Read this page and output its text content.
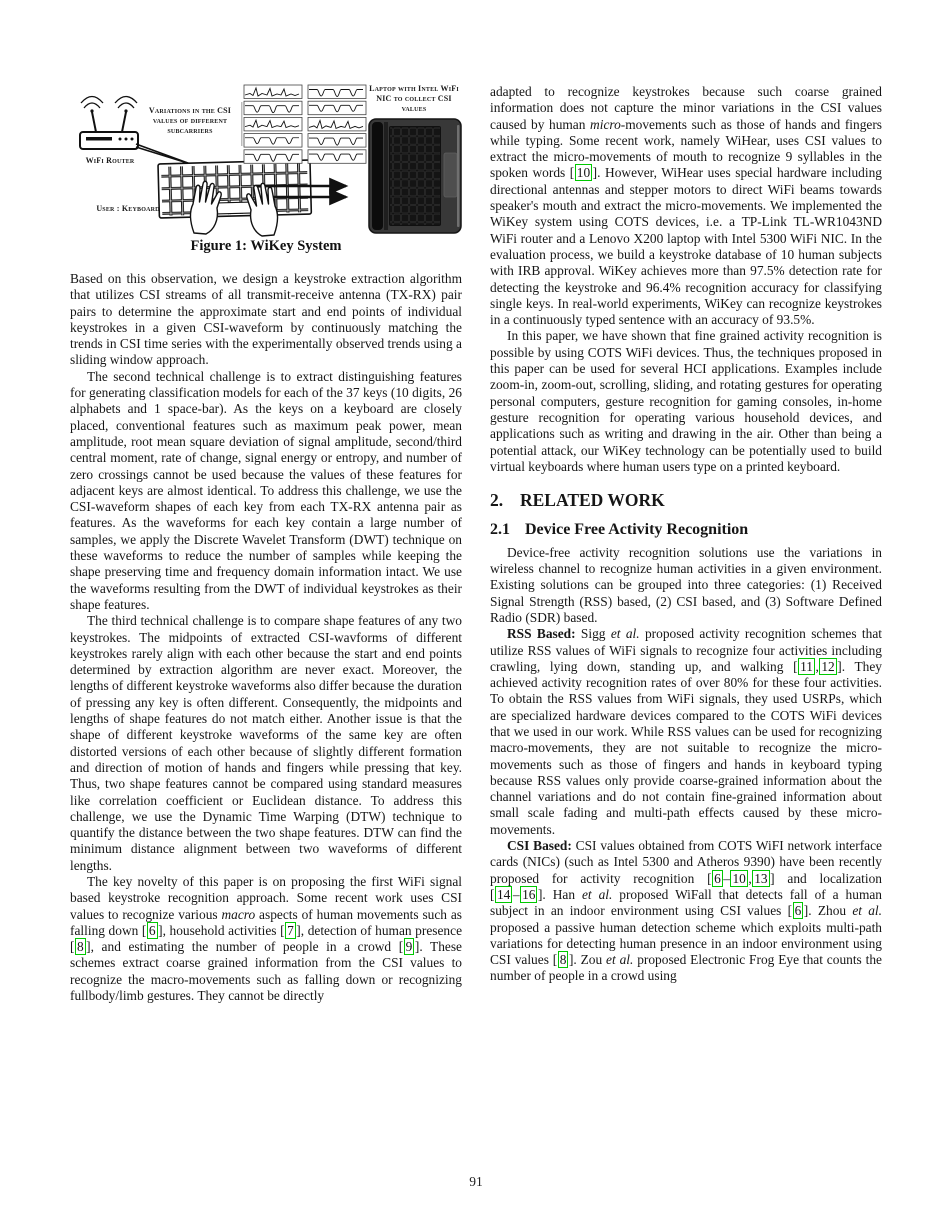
WiFi Router
Variations in the CSI values of different subcarriers
User : Keyboard
Laptop with Intel WiFi NIC to collect CSI values
Figure 1: WiKey System

Based on this observation, we design a keystroke extraction algorithm that utilizes CSI streams of all transmit-receive antenna (TX-RX) pair pairs to determine the approximate start and end points of individual keystrokes in a given CSI-waveform by continuously matching the trends in CSI time series with the experimentally observed trends using a sliding window approach.

The second technical challenge is to extract distinguishing features for generating classification models for each of the 37 keys (10 digits, 26 alphabets and 1 space-bar). As the keys on a keyboard are closely placed, conventional features such as maximum peak power, mean amplitude, root mean square deviation of signal amplitude, second/third central moment, rate of change, signal energy or entropy, and number of zero crossings cannot be used because the values of these features for adjacent keys are almost identical. To address this challenge, we use the CSI-waveform shapes of each key from each TX-RX antenna pair as features. As the waveforms for each key contain a large number of samples, we apply the Discrete Wavelet Transform (DWT) technique on these waveforms to reduce the number of samples while keeping the shape preserving time and frequency domain information intact. We use the waveforms resulting from the DWT of individual keystrokes as their shape features.

The third technical challenge is to compare shape features of any two keystrokes. The midpoints of extracted CSI-wavforms of different keystrokes rarely align with each other because the start and end points determined by extraction algorithm are never exact. Moreover, the lengths of different keystroke waveforms also differ because the duration of pressing any key is often different. Consequently, the midpoints and lengths of shape features do not match either. Another issue is that the shape of different keystroke waveforms of the same key are often distorted versions of each other because of slightly different formation and direction of motion of hands and fingers while pressing that key. Thus, two shape features cannot be compared using standard measures like correlation coefficient or Euclidean distance. To address this challenge, we use the Dynamic Time Warping (DTW) technique to quantify the distance between the two shape features. DTW can find the minimum distance alignment between two waveforms of different lengths.

The key novelty of this paper is on proposing the first WiFi signal based keystroke recognition approach. Some recent work uses CSI values to recognize various macro aspects of human movements such as falling down [ 6 ], household activities [ 7 ], detection of human presence [ 8 ], and estimating the number of people in a crowd [ 9 ]. These schemes extract coarse grained information from the CSI values to recognize the macro-movements such as falling down or recognizing fullbody/limb gestures. They cannot be directly

adapted to recognize keystrokes because such coarse grained information does not capture the minor variations in the CSI values caused by human micro-movements such as those of hands and fingers while typing. Some recent work, namely WiHear, uses CSI values to extract the micro-movements of mouth to recognize 9 syllables in the spoken words [ 10 ]. However, WiHear uses special hardware including directional antennas and stepper motors to direct WiFi beams towards speaker's mouth and extract the micro-movements. We implemented the WiKey system using COTS devices, i.e. a TP-Link TL-WR1043ND WiFi router and a Lenovo X200 laptop with Intel 5300 WiFi NIC. In the evaluation process, we build a keystroke database of 10 human subjects with IRB approval. WiKey achieves more than 97.5% detection rate for detecting the keystroke and 96.4% recognition accuracy for classifying single keys. In real-world experiments, WiKey can recognize keystrokes in a continuously typed sentence with an accuracy of 93.5%.

In this paper, we have shown that fine grained activity recognition is possible by using COTS WiFi devices. Thus, the techniques proposed in this paper can be used for several HCI applications. Examples include zoom-in, zoom-out, scrolling, sliding, and rotating gestures for operating personal computers, gesture recognition for gaming consoles, in-home gesture recognition for operating various household devices, and applications such as writing and drawing in the air. Other than being a potential attack, our WiKey technology can be potentially used to build virtual keyboards where human users type on a printed keyboard.

2. RELATED WORK
2.1 Device Free Activity Recognition

Device-free activity recognition solutions use the variations in wireless channel to recognize human activities in a given environment. Existing solutions can be grouped into three categories: (1) Received Signal Strength (RSS) based, (2) CSI based, and (3) Software Defined Radio (SDR) based.

RSS Based: Sigg et al. proposed activity recognition schemes that utilize RSS values of WiFi signals to recognize four activities including crawling, lying down, standing up, and walking [ 11 , 12 ]. They achieved activity recognition rates of over 80% for these four activities. To obtain the RSS values from WiFi signals, they used USRPs, which are specialized hardware devices compared to the COTS WiFi devices that we used in our work. While RSS values can be used for recognizing macro-movements, they are not suitable to recognize the micro-movements such as those of fingers and hands in keyboard typing because RSS values only provide coarse-grained information about the channel variations and do not contain fine-grained information about small scale fading and multi-path effects caused by these micro-movements.

CSI Based: CSI values obtained from COTS WiFI network interface cards (NICs) (such as Intel 5300 and Atheros 9390) have been recently proposed for activity recognition [ 6 – 10 , 13 ] and localization [ 14 – 16 ]. Han et al. proposed WiFall that detects fall of a human subject in an indoor environment using CSI values [ 6 ]. Zhou et al. proposed a passive human detection scheme which exploits multi-path variations for detecting human presence in an indoor environment using CSI values [ 8 ]. Zou et al. proposed Electronic Frog Eye that counts the number of people in a crowd using

91
